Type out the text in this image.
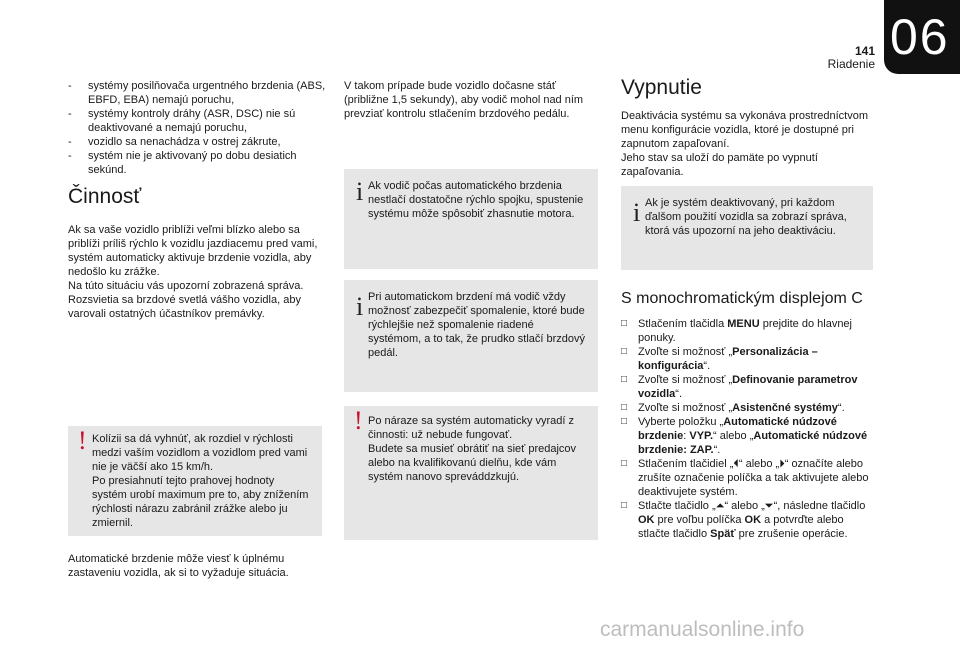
141
Riadenie 06
- systémy posilňovača urgentného brzdenia (ABS, EBFD, EBA) nemajú poruchu,
- systémy kontroly dráhy (ASR, DSC) nie sú deaktivované a nemajú poruchu,
- vozidlo sa nenachádza v ostrej zákrute,
- systém nie je aktivovaný po dobu desiatich sekúnd.
Činnosť
Ak sa vaše vozidlo priblíži veľmi blízko alebo sa priblíži príliš rýchlo k vozidlu jazdiacemu pred vami, systém automaticky aktivuje brzdenie vozidla, aby nedošlo ku zrážke.
Na túto situáciu vás upozorní zobrazená správa. Rozsvietia sa brzdové svetlá vášho vozidla, aby varovali ostatných účastníkov premávky.
! Kolízii sa dá vyhnúť, ak rozdiel v rýchlosti medzi vaším vozidlom a vozidlom pred vami nie je väčší ako 15 km/h.
Po presiahnutí tejto prahovej hodnoty systém urobí maximum pre to, aby znížením rýchlosti nárazu zabránil zrážke alebo ju zmiernil.
Automatické brzdenie môže viesť k úplnému zastaveniu vozidla, ak si to vyžaduje situácia.
V takom prípade bude vozidlo dočasne stáť (približne 1,5 sekundy), aby vodič mohol nad ním prevziať kontrolu stlačením brzdového pedálu.
i Ak vodič počas automatického brzdenia nestlačí dostatočne rýchlo spojku, spustenie systému môže spôsobiť zhasnutie motora.
i Pri automatickom brzdení má vodič vždy možnosť zabezpečiť spomalenie, ktoré bude rýchlejšie než spomalenie riadené systémom, a to tak, že prudko stlačí brzdový pedál.
! Po náraze sa systém automaticky vyradí z činnosti: už nebude fungovať.
Budete sa musieť obrátiť na sieť predajcov alebo na kvalifikovanú dielňu, kde vám systém nanovo spreváddzkujú.
Vypnutie
Deaktivácia systému sa vykonáva prostredníctvom menu konfigurácie vozidla, ktoré je dostupné pri zapnutom zapaľovaní.
Jeho stav sa uloží do pamäte po vypnutí zapaľovania.
i Ak je systém deaktivovaný, pri každom ďalšom použití vozidla sa zobrazí správa, ktorá vás upozorní na jeho deaktiváciu.
S monochromatickým displejom C
□ Stlačením tlačidla MENU prejdite do hlavnej ponuky.
□ Zvoľte si možnosť „Personalizácia – konfigurácia“.
□ Zvoľte si možnosť „Definovanie parametrov vozidla“.
□ Zvoľte si možnosť „Asistenčné systémy“.
□ Vyberte položku „Automatické núdzové brzdenie: VYP.“ alebo „Automatické núdzové brzdenie: ZAP.“.
□ Stlačením tlačidiel „⏴“ alebo „⏵“ označíte alebo zrušíte označenie políčka a tak aktivujete alebo deaktivujete systém.
□ Stlačte tlačidlo „⏶“ alebo „⏷“, následne tlačidlo OK pre voľbu políčka OK a potvrďte alebo stlačte tlačidlo Späť pre zrušenie operácie.
carmanualsonline.info
